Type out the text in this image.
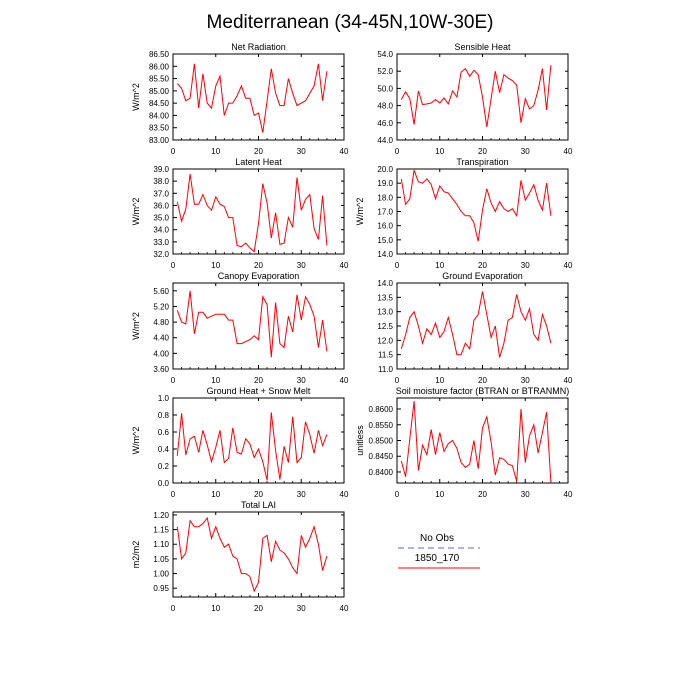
Mediterranean (34-45N,10W-30E)
Net Radiation
W/m^2
0	10	20	30	40
83.00
83.50
84.00
84.50
85.00
85.50
86.00
86.50
Sensible Heat
0	10	20	30	40
44.0
46.0
48.0
50.0
52.0
54.0
Latent Heat
W/m^2
0	10	20	30	40
32.0
33.0
34.0
35.0
36.0
37.0
38.0
39.0
Transpiration
W/m^2
0	10	20	30	40
14.0
15.0
16.0
17.0
18.0
19.0
20.0
Canopy Evaporation
W/m^2
0	10	20	30	40
3.60
4.00
4.40
4.80
5.20
5.60
Ground Evaporation
0	10	20	30	40
11.0
11.5
12.0
12.5
13.0
13.5
14.0
Ground Heat + Snow Melt
W/m^2
0	10	20	30	40
0.0
0.2
0.4
0.6
0.8
1.0
Soil moisture factor (BTRAN or BTRANMN)
unitless
0	10	20	30	40
0.8400
0.8450
0.8500
0.8550
0.8600
Total LAI
m2/m2
0	10	20	30	40
0.95
1.00
1.05
1.10
1.15
1.20
No Obs
1850_170
